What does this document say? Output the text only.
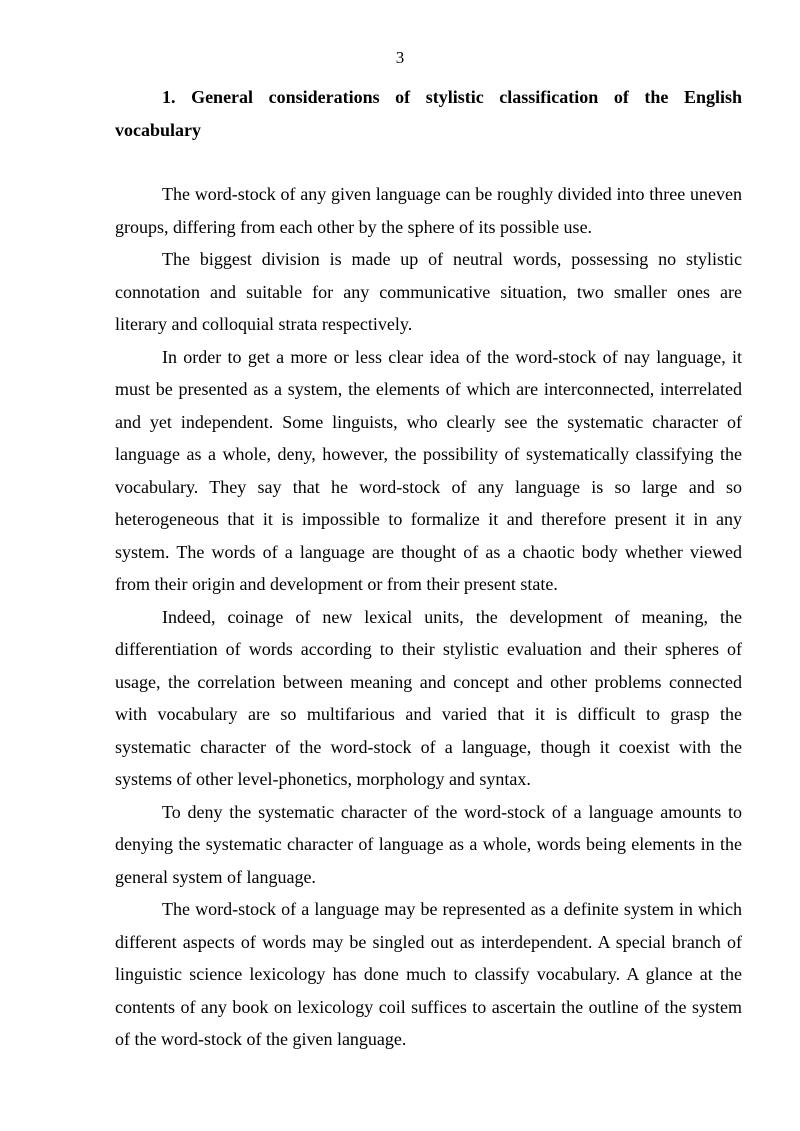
3
1. General considerations of stylistic classification of the English vocabulary

The word-stock of any given language can be roughly divided into three uneven groups, differing from each other by the sphere of its possible use.

The biggest division is made up of neutral words, possessing no stylistic connotation and suitable for any communicative situation, two smaller ones are literary and colloquial strata respectively.

In order to get a more or less clear idea of the word-stock of nay language, it must be presented as a system, the elements of which are interconnected, interrelated and yet independent. Some linguists, who clearly see the systematic character of language as a whole, deny, however, the possibility of systematically classifying the vocabulary. They say that he word-stock of any language is so large and so heterogeneous that it is impossible to formalize it and therefore present it in any system. The words of a language are thought of as a chaotic body whether viewed from their origin and development or from their present state.

Indeed, coinage of new lexical units, the development of meaning, the differentiation of words according to their stylistic evaluation and their spheres of usage, the correlation between meaning and concept and other problems connected with vocabulary are so multifarious and varied that it is difficult to grasp the systematic character of the word-stock of a language, though it coexist with the systems of other level-phonetics, morphology and syntax.

To deny the systematic character of the word-stock of a language amounts to denying the systematic character of language as a whole, words being elements in the general system of language.

The word-stock of a language may be represented as a definite system in which different aspects of words may be singled out as interdependent. A special branch of linguistic science lexicology has done much to classify vocabulary. A glance at the contents of any book on lexicology coil suffices to ascertain the outline of the system of the word-stock of the given language.
